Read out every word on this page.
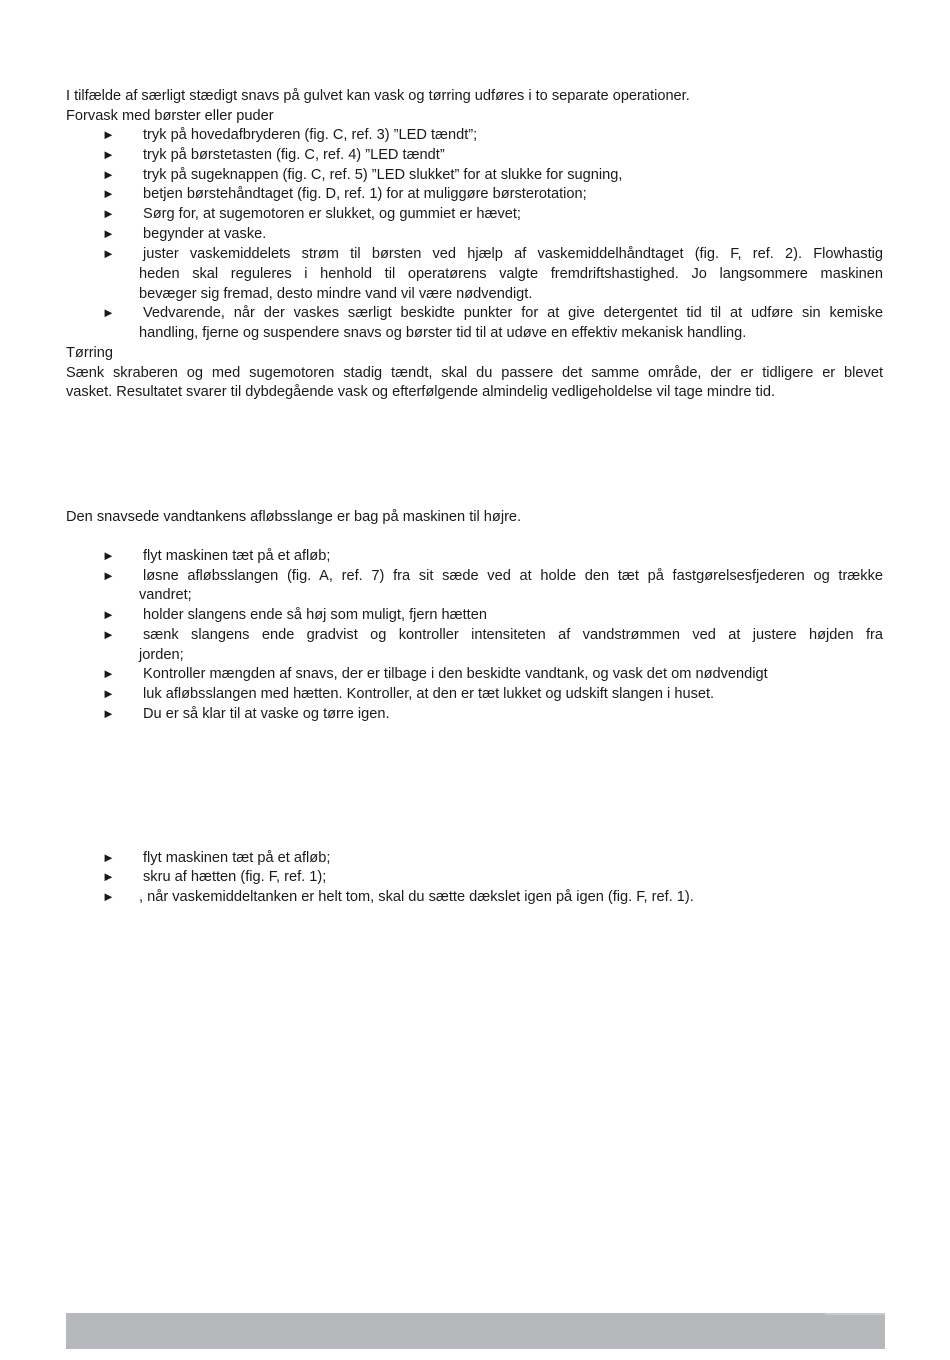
I tilfælde af særligt stædigt snavs på gulvet kan vask og tørring udføres i to separate operationer.
Forvask med børster eller puder
► tryk på hovedafbryderen (fig. C, ref. 3) ”LED tændt”;
► tryk på børstetasten (fig. C, ref. 4) ”LED tændt”
► tryk på sugeknappen (fig. C, ref. 5) ”LED slukket” for at slukke for sugning,
► betjen børstehåndtaget (fig. D, ref. 1) for at muliggøre børsterotation;
► Sørg for, at sugemotoren er slukket, og gummiet er hævet;
► begynder at vaske.
► juster vaskemiddelets strøm til børsten ved hjælp af vaskemiddelhåndtaget (fig. F, ref. 2). Flowhastig
heden skal reguleres i henhold til operatørens valgte fremdriftshastighed. Jo langsommere maskinen
bevæger sig fremad, desto mindre vand vil være nødvendigt.
► Vedvarende, når der vaskes særligt beskidte punkter for at give detergentet tid til at udføre sin kemiske
handling, fjerne og suspendere snavs og børster tid til at udøve en effektiv mekanisk handling.
Tørring
Sænk skraberen og med sugemotoren stadig tændt, skal du passere det samme område, der er tidligere er blevet
vasket. Resultatet svarer til dybdegående vask og efterfølgende almindelig vedligeholdelse vil tage mindre tid.
Den snavsede vandtankens afløbsslange er bag på maskinen til højre.
► flyt maskinen tæt på et afløb;
► løsne afløbsslangen (fig. A, ref. 7) fra sit sæde ved at holde den tæt på fastgørelsesfjederen og trække
vandret;
► holder slangens ende så høj som muligt, fjern hætten
► sænk slangens ende gradvist og kontroller intensiteten af vandstrømmen ved at justere højden fra
jorden;
► Kontroller mængden af snavs, der er tilbage i den beskidte vandtank, og vask det om nødvendigt
► luk afløbsslangen med hætten. Kontroller, at den er tæt lukket og udskift slangen i huset.
► Du er så klar til at vaske og tørre igen.
► flyt maskinen tæt på et afløb;
► skru af hætten (fig. F, ref. 1);
► , når vaskemiddeltanken er helt tom, skal du sætte dækslet igen på igen (fig. F, ref. 1).
